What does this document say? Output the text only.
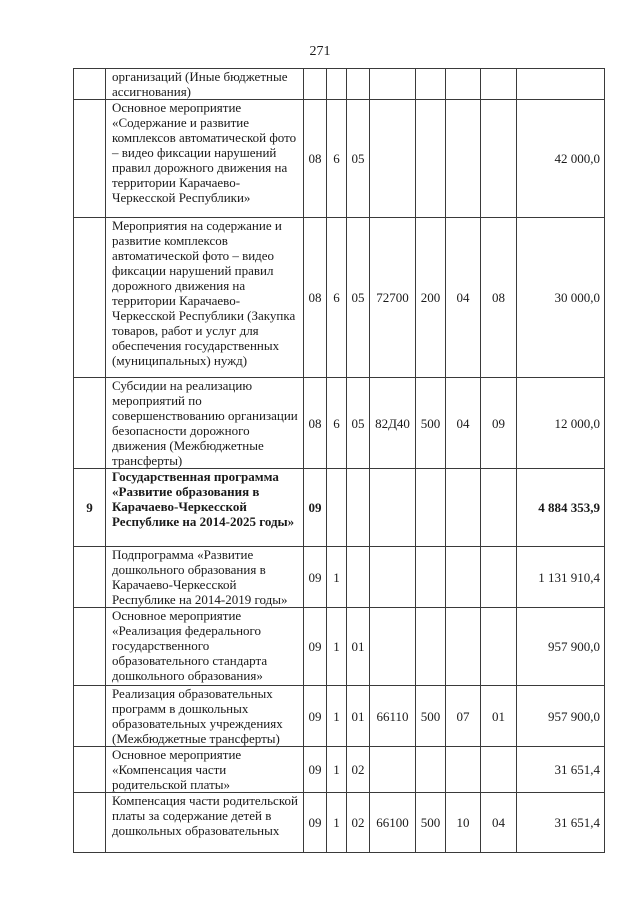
271
	организаций (Иные бюджетные ассигнования)								
	Основное мероприятие «Содержание и развитие комплексов автоматической фото – видео фиксации нарушений правил дорожного движения на территории Карачаево-Черкесской Республики»	08	6	05					42 000,0
	Мероприятия на содержание и развитие комплексов автоматической фото – видео фиксации нарушений правил дорожного движения на территории Карачаево-Черкесской Республики (Закупка товаров, работ и услуг для обеспечения государственных (муниципальных) нужд)	08	6	05	72700	200	04	08	30 000,0
	Субсидии на реализацию мероприятий по совершенствованию организации безопасности дорожного движения (Межбюджетные трансферты)	08	6	05	82Д40	500	04	09	12 000,0
9	Государственная программа «Развитие образования в Карачаево-Черкесской Республике на 2014-2025 годы»	09							4 884 353,9
	Подпрограмма «Развитие дошкольного образования в Карачаево-Черкесской Республике на 2014-2019 годы»	09	1						1 131 910,4
	Основное мероприятие «Реализация федерального государственного образовательного стандарта дошкольного образования»	09	1	01					957 900,0
	Реализация образовательных программ в дошкольных образовательных учреждениях (Межбюджетные трансферты)	09	1	01	66110	500	07	01	957 900,0
	Основное мероприятие «Компенсация части родительской платы»	09	1	02					31 651,4
	Компенсация части родительской платы за содержание детей в дошкольных образовательных	09	1	02	66100	500	10	04	31 651,4
